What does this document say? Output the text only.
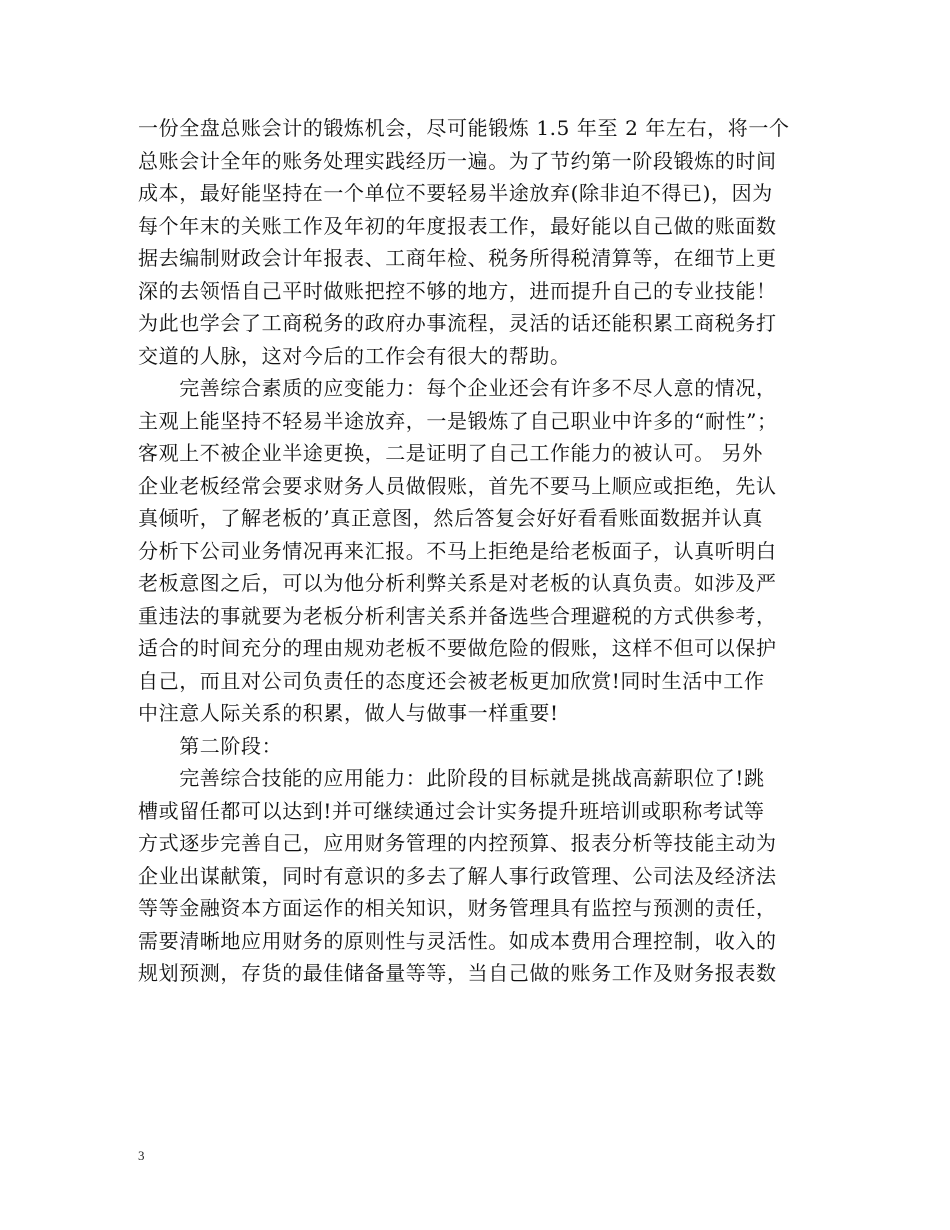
一份全盘总账会计的锻炼机会，尽可能锻炼 1.5 年至 2 年左右，将一个
总账会计全年的账务处理实践经历一遍。为了节约第一阶段锻炼的时间
成本，最好能坚持在一个单位不要轻易半途放弃(除非迫不得已)，因为
每个年末的关账工作及年初的年度报表工作，最好能以自己做的账面数
据去编制财政会计年报表、工商年检、税务所得税清算等，在细节上更
深的去领悟自己平时做账把控不够的地方，进而提升自己的专业技能！
为此也学会了工商税务的政府办事流程，灵活的话还能积累工商税务打
交道的人脉，这对今后的工作会有很大的帮助。
　　完善综合素质的应变能力：每个企业还会有许多不尽人意的情况，
主观上能坚持不轻易半途放弃，一是锻炼了自己职业中许多的“耐性”；
客观上不被企业半途更换，二是证明了自己工作能力的被认可。 另外
企业老板经常会要求财务人员做假账，首先不要马上顺应或拒绝，先认
真倾听，了解老板的’真正意图，然后答复会好好看看账面数据并认真
分析下公司业务情况再来汇报。不马上拒绝是给老板面子，认真听明白
老板意图之后，可以为他分析利弊关系是对老板的认真负责。如涉及严
重违法的事就要为老板分析利害关系并备选些合理避税的方式供参考，
适合的时间充分的理由规劝老板不要做危险的假账，这样不但可以保护
自己，而且对公司负责任的态度还会被老板更加欣赏!同时生活中工作
中注意人际关系的积累，做人与做事一样重要!
　　第二阶段：
　　完善综合技能的应用能力：此阶段的目标就是挑战高薪职位了!跳
槽或留任都可以达到!并可继续通过会计实务提升班培训或职称考试等
方式逐步完善自己，应用财务管理的内控预算、报表分析等技能主动为
企业出谋献策，同时有意识的多去了解人事行政管理、公司法及经济法
等等金融资本方面运作的相关知识，财务管理具有监控与预测的责任，
需要清晰地应用财务的原则性与灵活性。如成本费用合理控制，收入的
规划预测，存货的最佳储备量等等，当自己做的账务工作及财务报表数
3
